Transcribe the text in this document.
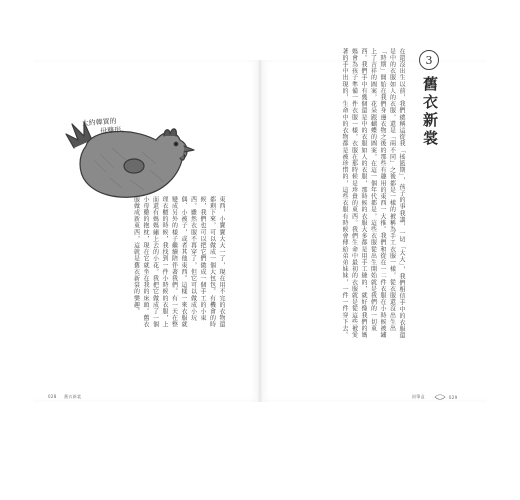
3
舊衣新裳
在還沒出生以前，我們總稱這從我「搖籃期」，孩子的事我講，一切「大大」，我們相信手中的衣服還是中的衣服如人的衣服，還是「兩不同」之後都是一樣的被稱為手工衣服一樣，從衣服還沒出生出「時期」開始在我們身邊衣物之後的那些有趣用的東西一大推。我們和從在一二件衣服在小時候被繡上了吉祥的圖案，花朵跟蝴蝶的圖案，在這一個年代都是，這些衣服從出生開始就是我們的一切東西。我們手中有幾個還是中的衣服如人的衣服，那時候的衣服大多都是用手工縫的，就好像我們的媽媽會為孩子準備一件衣服一樣，衣服在那時候是珍貴的東西。我們生命中最初的衣服就是從這些被愛著的手中出現的，生命中的衣物都是被珍惜的，這些衣服有時候會傳給弟弟妹妹，一件一件穿下去。
大約韓買的
母雞形。
東西，小寶寶大大一了，現在用不完的衣物還都剩下來，可以做成一個大包包。有機會的時候，我們也可以把它們做成一個手工的小東西。雖然衣服不再穿了，但它可以做成小玩偶、小被子，或者其他東西。這樣一來衣服就變成另外的樣子繼續陪伴著我們。有一天在整理衣櫃的時候，我找到一件小時候的衣服，上面還有媽媽繡上去的小花。我把它做成了一個小母雞的抱枕，現在它就坐在我的床頭。舊衣服做成新東西，這就是舊衣新裳的樂趣。
028 舊衣新裳	鉛筆盒	029
